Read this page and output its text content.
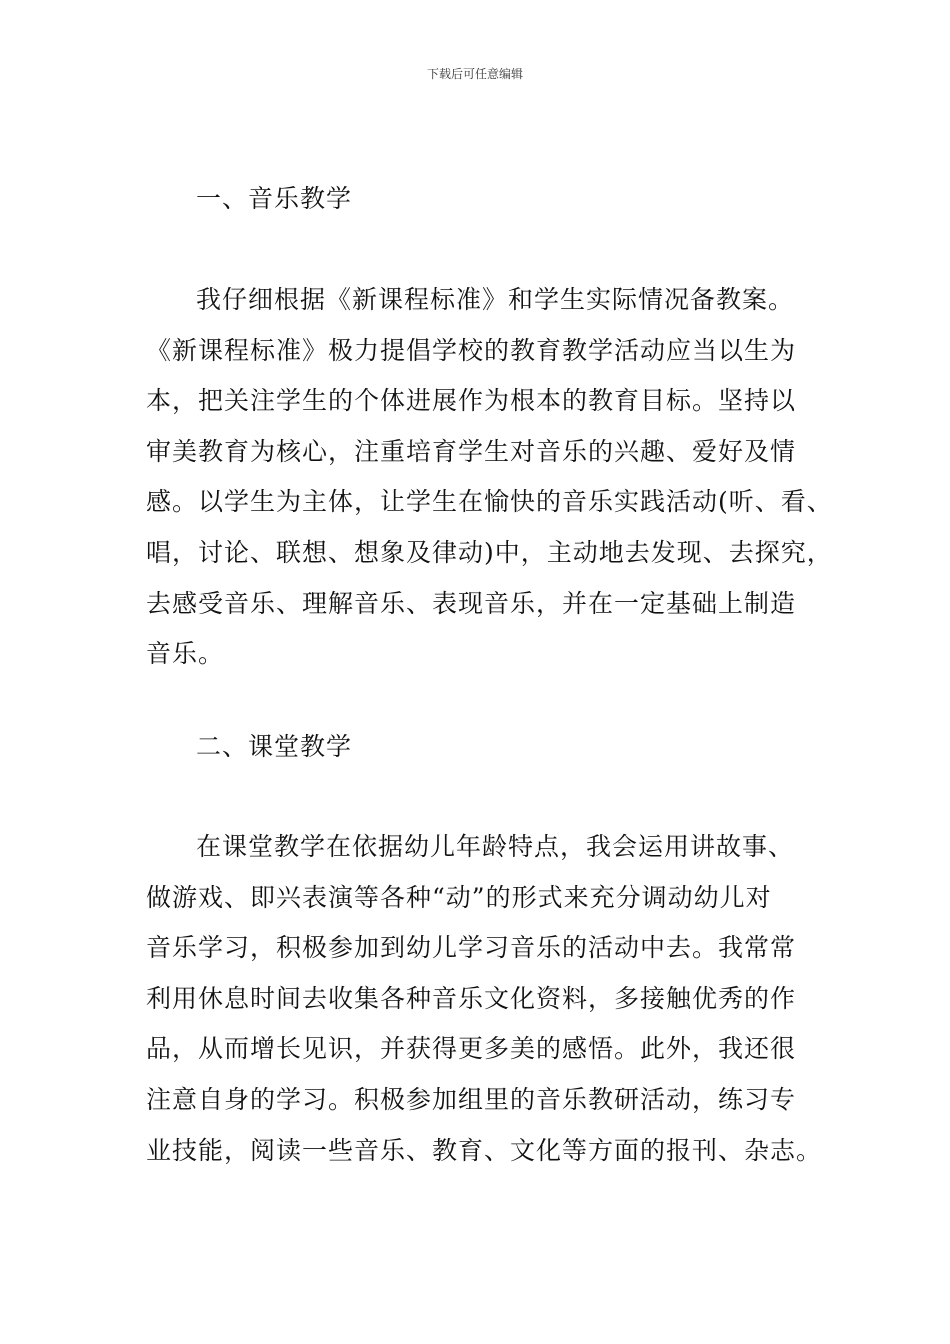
下载后可任意编辑
一、音乐教学
我仔细根据《新课程标准》和学生实际情况备教案。
《新课程标准》极力提倡学校的教育教学活动应当以生为
本，把关注学生的个体进展作为根本的教育目标。坚持以
审美教育为核心，注重培育学生对音乐的兴趣、爱好及情
感。以学生为主体，让学生在愉快的音乐实践活动(听、看、
唱，讨论、联想、想象及律动)中，主动地去发现、去探究，
去感受音乐、理解音乐、表现音乐，并在一定基础上制造
音乐。
二、课堂教学
在课堂教学在依据幼儿年龄特点，我会运用讲故事、
做游戏、即兴表演等各种“动”的形式来充分调动幼儿对
音乐学习，积极参加到幼儿学习音乐的活动中去。我常常
利用休息时间去收集各种音乐文化资料，多接触优秀的作
品，从而增长见识，并获得更多美的感悟。此外，我还很
注意自身的学习。积极参加组里的音乐教研活动，练习专
业技能，阅读一些音乐、教育、文化等方面的报刊、杂志。
